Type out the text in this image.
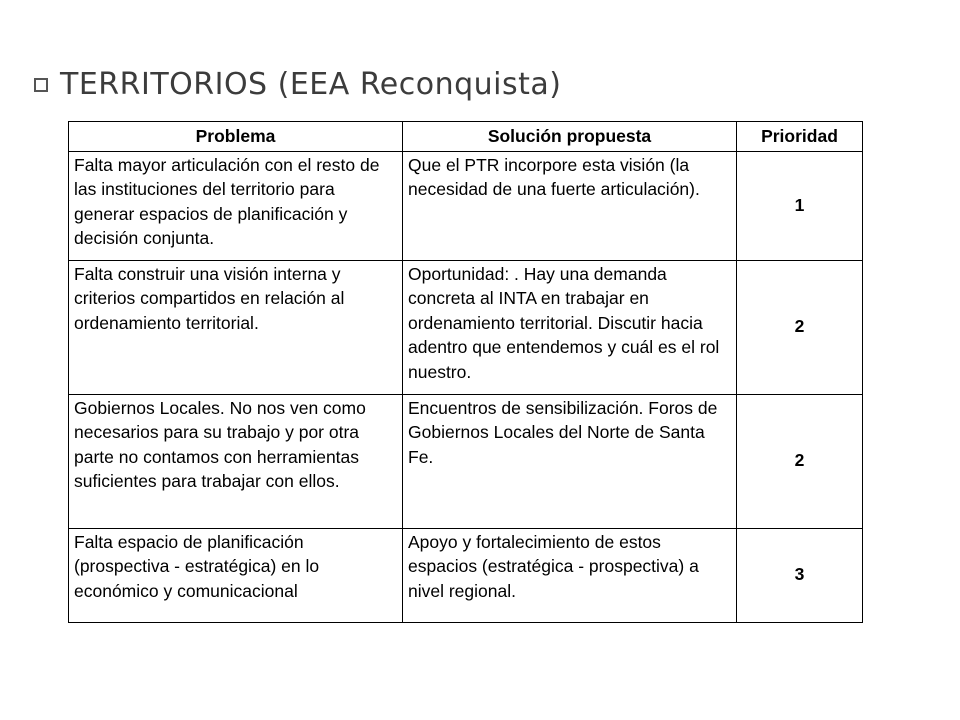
TERRITORIOS (EEA Reconquista)
Problema	Solución propuesta	Prioridad
Falta mayor articulación con el resto de las instituciones del territorio para generar espacios de planificación y decisión conjunta.	Que el PTR incorpore esta visión (la necesidad de una fuerte articulación).	1
Falta construir una visión interna y criterios compartidos en relación al ordenamiento territorial.	Oportunidad: . Hay una demanda concreta al INTA en trabajar en ordenamiento territorial. Discutir hacia adentro que entendemos y cuál es el rol nuestro.	2
Gobiernos Locales. No nos ven como necesarios para su trabajo y por otra parte no contamos con herramientas suficientes para trabajar con ellos.	Encuentros de sensibilización. Foros de Gobiernos Locales del Norte de Santa Fe.	2
Falta espacio de planificación (prospectiva - estratégica) en lo económico y comunicacional	Apoyo y fortalecimiento de estos espacios (estratégica - prospectiva) a nivel regional.	3
